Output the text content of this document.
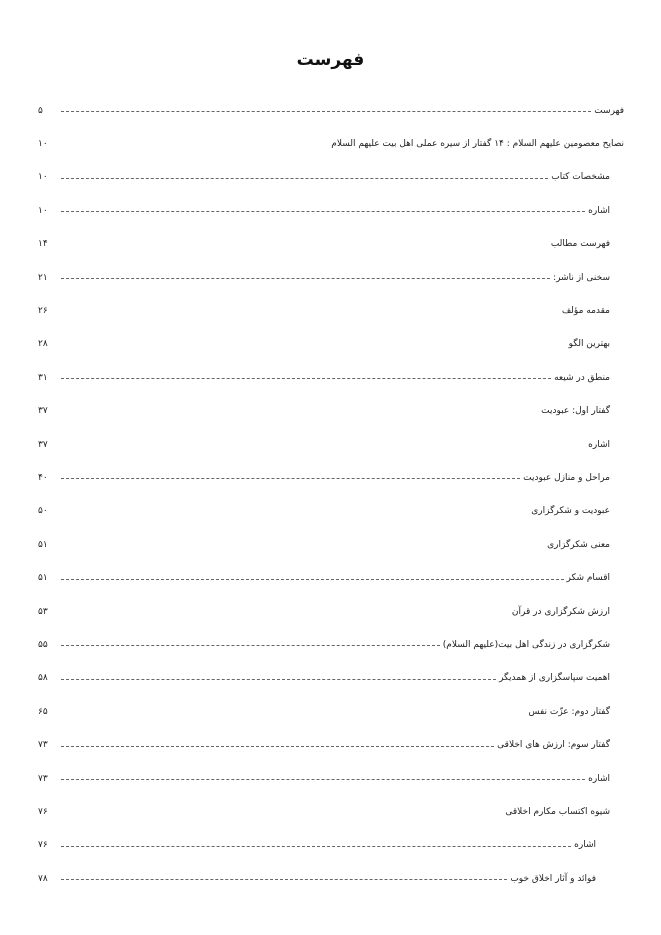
فهرست
فهرست
۵
نصایح معصومین علیهم السلام : ۱۴ گفتار از سیره عملی اهل بیت علیهم السلام
۱۰
مشخصات کتاب
۱۰
اشاره
۱۰
فهرست مطالب
۱۴
سخنی از ناشر:
۲۱
مقدمه مؤلف
۲۶
بهترین الگو
۲۸
منطق در شیعه
۳۱
گفتار اول: عبودیت
۳۷
اشاره
۳۷
مراحل و منازل عبودیت
۴۰
عبودیت و شکرگزاری
۵۰
معنی شکرگزاری
۵۱
اقسام شکر
۵۱
ارزش شکرگزاری در قرآن
۵۳
شکرگزاری در زندگی اهل بیت(علیهم السلام)
۵۵
اهمیت سپاسگزاری از همدیگر
۵۸
گفتار دوم: عزّت نفس
۶۵
گفتار سوم: ارزش های اخلاقی
۷۳
اشاره
۷۳
شیوه اکتساب مکارم اخلاقی
۷۶
اشاره
۷۶
فوائد و آثار اخلاق خوب
۷۸
